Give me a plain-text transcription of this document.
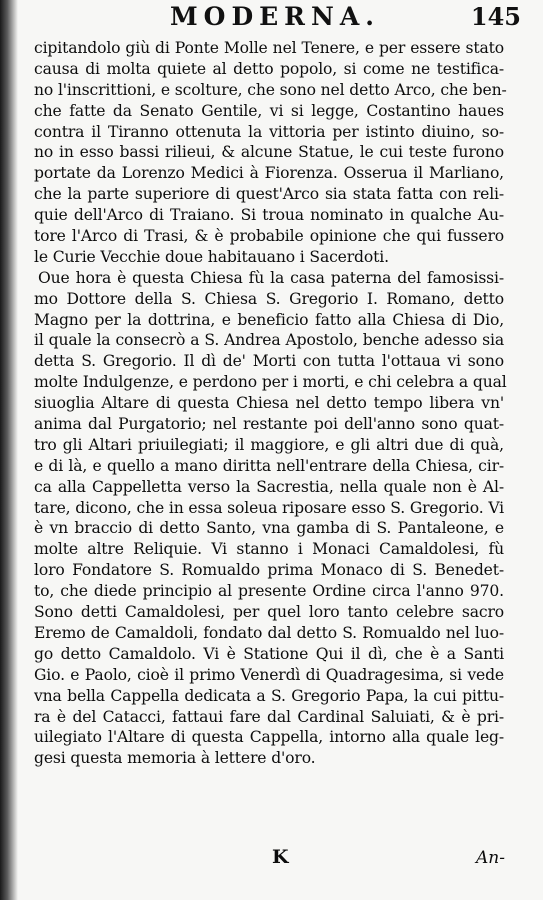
MODERNA.	145
cipitandolo giù di Ponte Molle nel Tenere, e per essere stato
causa di molta quiete al detto popolo, si come ne testifica-
no l'inscrittioni, e scolture, che sono nel detto Arco, che ben-
che fatte da Senato Gentile, vi si legge, Costantino haues
contra il Tiranno ottenuta la vittoria per istinto diuino, so-
no in esso bassi rilieui, & alcune Statue, le cui teste furono
portate da Lorenzo Medici à Fiorenza. Osserua il Marliano,
che la parte superiore di quest'Arco sia stata fatta con reli-
quie dell'Arco di Traiano. Si troua nominato in qualche Au-
tore l'Arco di Trasi, & è probabile opinione che qui fussero
le Curie Vecchie doue habitauano i Sacerdoti.
Oue hora è questa Chiesa fù la casa paterna del famosissi-
mo Dottore della S. Chiesa S. Gregorio I. Romano, detto
Magno per la dottrina, e beneficio fatto alla Chiesa di Dio,
il quale la consecrò a S. Andrea Apostolo, benche adesso sia
detta S. Gregorio. Il dì de' Morti con tutta l'ottaua vi sono
molte Indulgenze, e perdono per i morti, e chi celebra a qual
siuoglia Altare di questa Chiesa nel detto tempo libera vn'
anima dal Purgatorio; nel restante poi dell'anno sono quat-
tro gli Altari priuilegiati; il maggiore, e gli altri due di quà,
e di là, e quello a mano diritta nell'entrare della Chiesa, cir-
ca alla Cappelletta verso la Sacrestia, nella quale non è Al-
tare, dicono, che in essa soleua riposare esso S. Gregorio. Vi
è vn braccio di detto Santo, vna gamba di S. Pantaleone, e
molte altre Reliquie. Vi stanno i Monaci Camaldolesi, fù
loro Fondatore S. Romualdo prima Monaco di S. Benedet-
to, che diede principio al presente Ordine circa l'anno 970.
Sono detti Camaldolesi, per quel loro tanto celebre sacro
Eremo de Camaldoli, fondato dal detto S. Romualdo nel luo-
go detto Camaldolo. Vi è Statione Qui il dì, che è a Santi
Gio. e Paolo, cioè il primo Venerdì di Quadragesima, si vede
vna bella Cappella dedicata a S. Gregorio Papa, la cui pittu-
ra è del Catacci, fattaui fare dal Cardinal Saluiati, & è pri-
uilegiato l'Altare di questa Cappella, intorno alla quale leg-
gesi questa memoria à lettere d'oro.
K	An-
